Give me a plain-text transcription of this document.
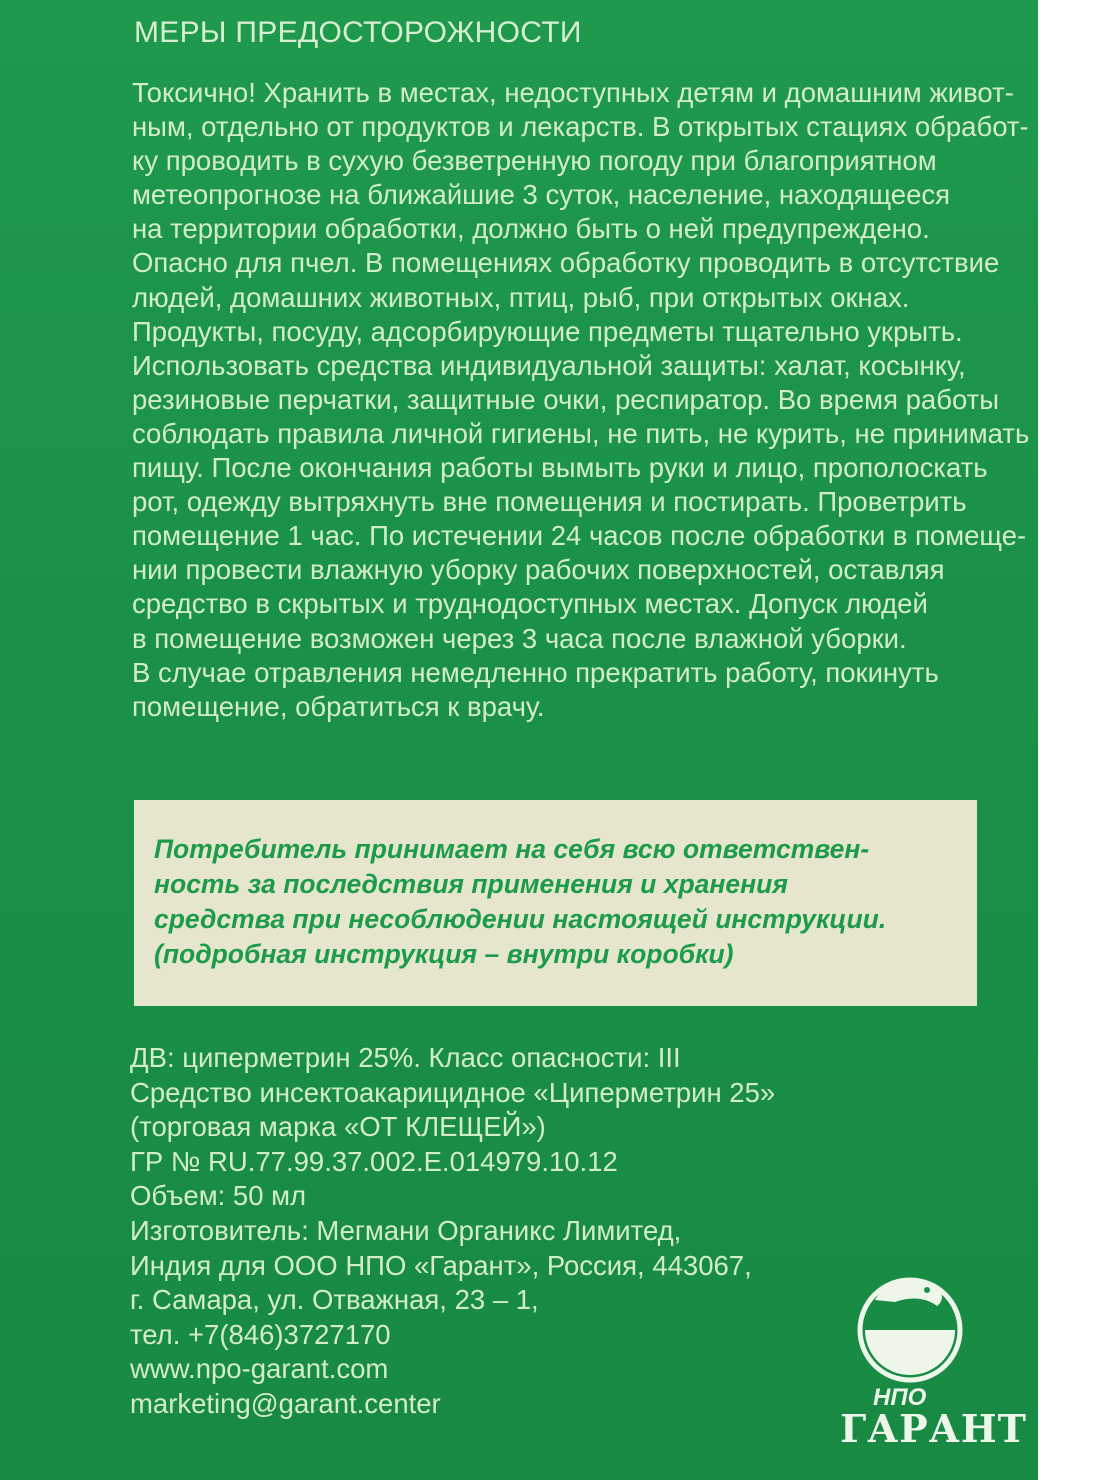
МЕРЫ ПРЕДОСТОРОЖНОСТИ
Токсично! Хранить в местах, недоступных детям и домашним живот-
ным, отдельно от продуктов и лекарств. В открытых стациях обработ-
ку проводить в сухую безветренную погоду при благоприятном
метеопрогнозе на ближайшие 3 суток, население, находящееся
на территории обработки, должно быть о ней предупреждено.
Опасно для пчел. В помещениях обработку проводить в отсутствие
людей, домашних животных, птиц, рыб, при открытых окнах.
Продукты, посуду, адсорбирующие предметы тщательно укрыть.
Использовать средства индивидуальной защиты: халат, косынку,
резиновые перчатки, защитные очки, респиратор. Во время работы
соблюдать правила личной гигиены, не пить, не курить, не принимать
пищу. После окончания работы вымыть руки и лицо, прополоскать
рот, одежду вытряхнуть вне помещения и постирать. Проветрить
помещение 1 час. По истечении 24 часов после обработки в помеще-
нии провести влажную уборку рабочих поверхностей, оставляя
средство в скрытых и труднодоступных местах. Допуск людей
в помещение возможен через 3 часа после влажной уборки.
В случае отравления немедленно прекратить работу, покинуть
помещение, обратиться к врачу.
Потребитель принимает на себя всю ответствен-
ность за последствия применения и хранения
средства при несоблюдении настоящей инструкции.
(подробная инструкция – внутри коробки)
ДВ: циперметрин 25%. Класс опасности: III
Средство инсектоакарицидное «Циперметрин 25»
(торговая марка «ОТ КЛЕЩЕЙ»)
ГР № RU.77.99.37.002.Е.014979.10.12
Объем: 50 мл
Изготовитель: Мегмани Органикс Лимитед,
Индия для ООО НПО «Гарант», Россия, 443067,
г. Самара, ул. Отважная, 23 – 1,
тел. +7(846)3727170
www.npo-garant.com
marketing@garant.center	НПО
ГАРАНТ
